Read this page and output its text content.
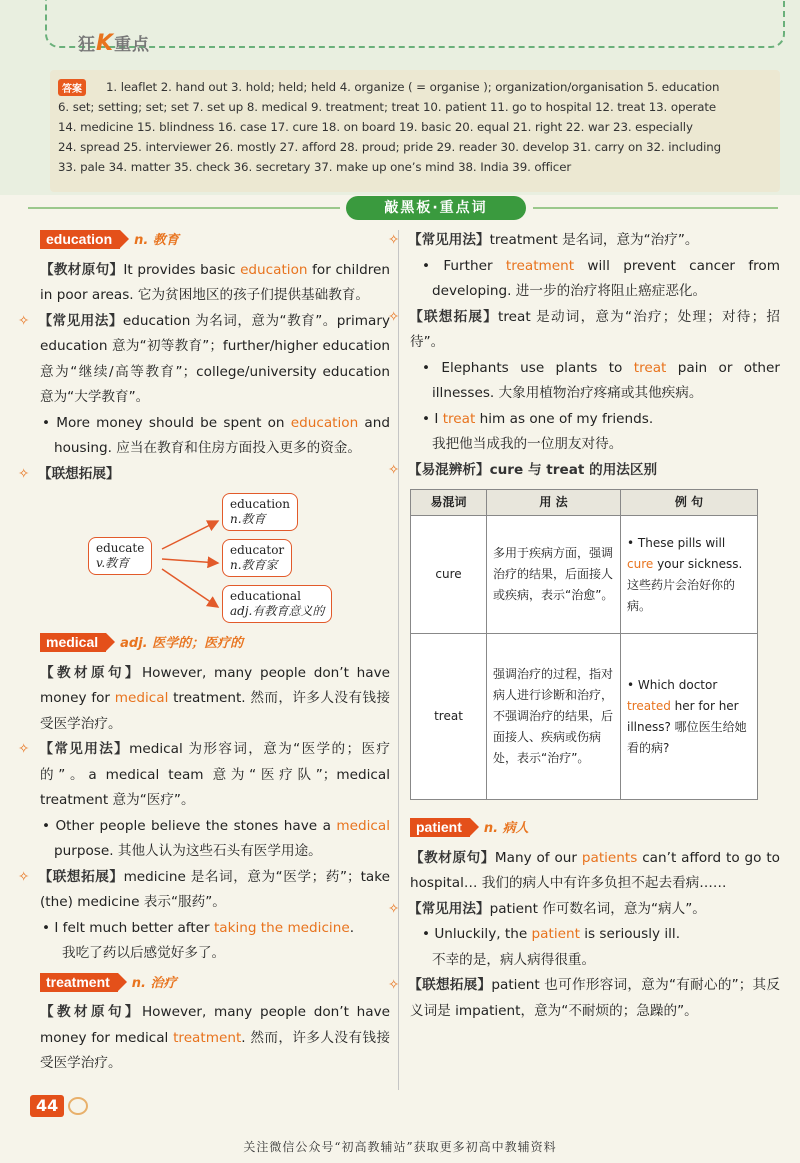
狂K重点
答案	1. leaflet 2. hand out 3. hold; held; held 4. organize ( = organise ); organization/organisation 5. education
6. set; setting; set; set 7. set up 8. medical 9. treatment; treat 10. patient 11. go to hospital 12. treat 13. operate
14. medicine 15. blindness 16. case 17. cure 18. on board 19. basic 20. equal 21. right 22. war 23. especially
24. spread 25. interviewer 26. mostly 27. afford 28. proud; pride 29. reader 30. develop 31. carry on 32. including
33. pale 34. matter 35. check 36. secretary 37. make up one’s mind 38. India 39. officer
敲黑板·重点词
education n. 教育
【教材原句】It provides basic education for children in poor areas. 它为贫困地区的孩子们提供基础教育。
✧ 【常见用法】education 为名词，意为“教育”。primary education 意为“初等教育”；further/higher education 意为“继续/高等教育”；college/university education 意为“大学教育”。
• More money should be spent on education and housing. 应当在教育和住房方面投入更多的资金。
✧ 【联想拓展】
educate
v.教育
education
n.教育
educator
n.教育家
educational
adj.有教育意义的
medical adj. 医学的；医疗的
【教材原句】However, many people don’t have money for medical treatment. 然而，许多人没有钱接受医学治疗。
✧ 【常见用法】medical 为形容词，意为“医学的；医疗的”。a medical team 意为“医疗队”；medical treatment 意为“医疗”。
• Other people believe the stones have a medical purpose. 其他人认为这些石头有医学用途。
✧ 【联想拓展】medicine 是名词，意为“医学；药”；take (the) medicine 表示“服药”。
• I felt much better after taking the medicine.
我吃了药以后感觉好多了。
treatment n. 治疗
【教材原句】However, many people don’t have money for medical treatment. 然而，许多人没有钱接受医学治疗。
✧ 【常见用法】treatment 是名词，意为“治疗”。
• Further treatment will prevent cancer from developing. 进一步的治疗将阻止癌症恶化。
✧ 【联想拓展】treat 是动词，意为“治疗；处理；对待；招待”。
• Elephants use plants to treat pain or other illnesses. 大象用植物治疗疼痛或其他疾病。
• I treat him as one of my friends.
我把他当成我的一位朋友对待。
✧ 【易混辨析】cure 与 treat 的用法区别
易混词	用 法	例 句
cure	多用于疾病方面，强调治疗的结果，后面接人或疾病，表示“治愈”。	• These pills will cure your sickness. 这些药片会治好你的病。
treat	强调治疗的过程，指对病人进行诊断和治疗，不强调治疗的结果，后面接人、疾病或伤病处，表示“治疗”。	• Which doctor treated her for her illness? 哪位医生给她看的病?
patient n. 病人
【教材原句】Many of our patients can’t afford to go to hospital… 我们的病人中有许多负担不起去看病……
✧ 【常见用法】patient 作可数名词，意为“病人”。
• Unluckily, the patient is seriously ill.
不幸的是，病人病得很重。
✧ 【联想拓展】patient 也可作形容词，意为“有耐心的”；其反义词是 impatient，意为“不耐烦的；急躁的”。
44
关注微信公众号“初高教辅站”获取更多初高中教辅资料
